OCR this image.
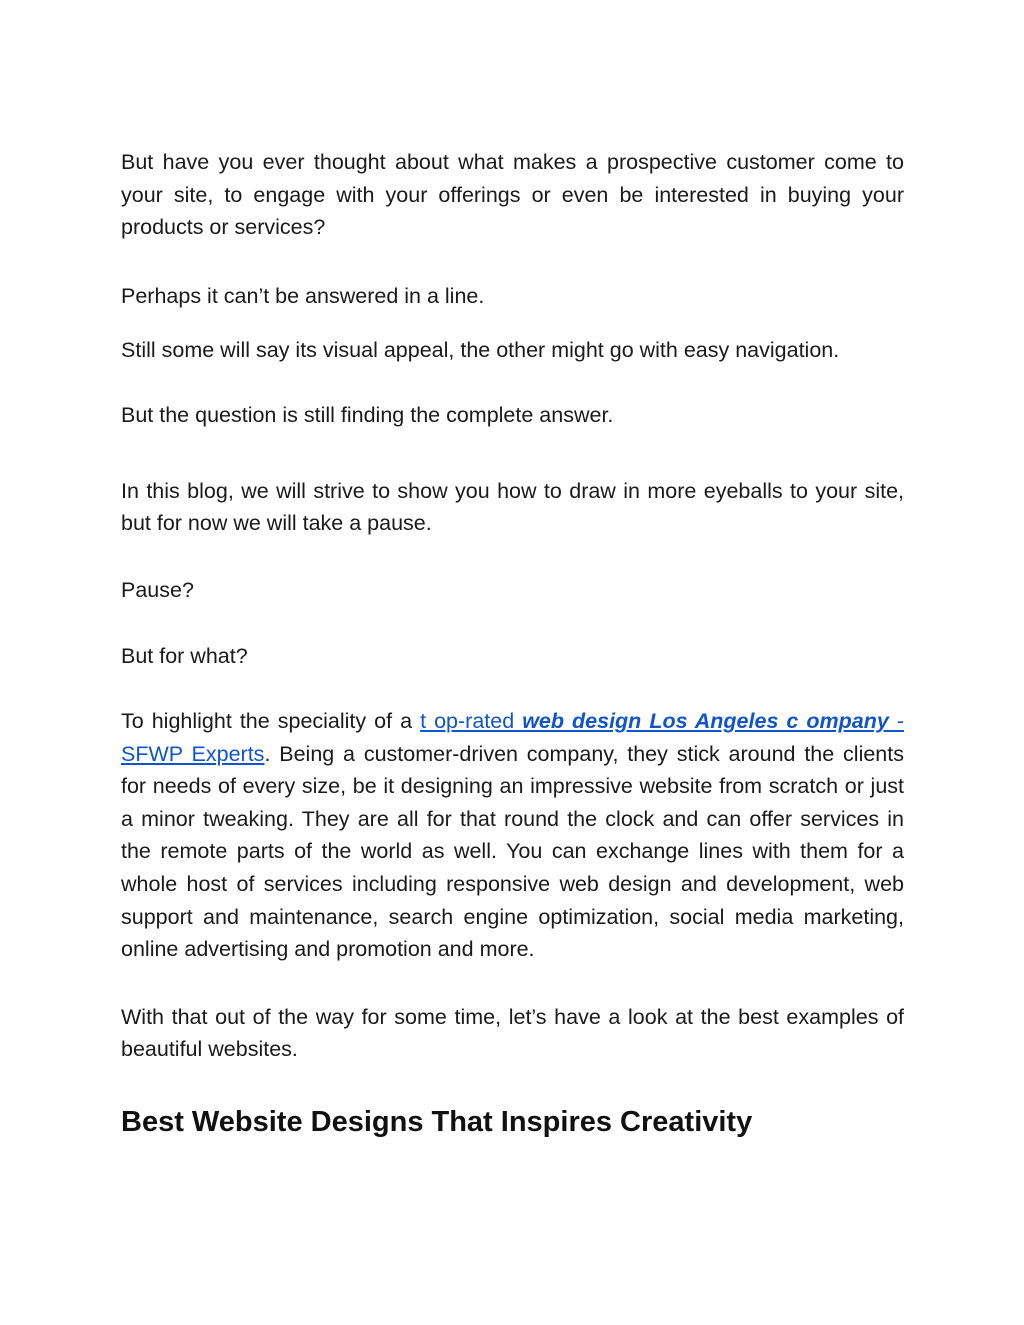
But have you ever thought about what makes a prospective customer come to your site, to engage with your offerings or even be interested in buying your products or services?

Perhaps it can’t be answered in a line.

Still some will say its visual appeal, the other might go with easy navigation.

But the question is still finding the complete answer.

In this blog, we will strive to show you how to draw in more eyeballs to your site, but for now we will take a pause.

Pause?

But for what?

To highlight the speciality of a t op-rated web design Los Angeles c ompany - SFWP Experts. Being a customer-driven company, they stick around the clients for needs of every size, be it designing an impressive website from scratch or just a minor tweaking. They are all for that round the clock and can offer services in the remote parts of the world as well. You can exchange lines with them for a whole host of services including responsive web design and development, web support and maintenance, search engine optimization, social media marketing, online advertising and promotion and more.

With that out of the way for some time, let’s have a look at the best examples of beautiful websites.

Best Website Designs That Inspires Creativity
